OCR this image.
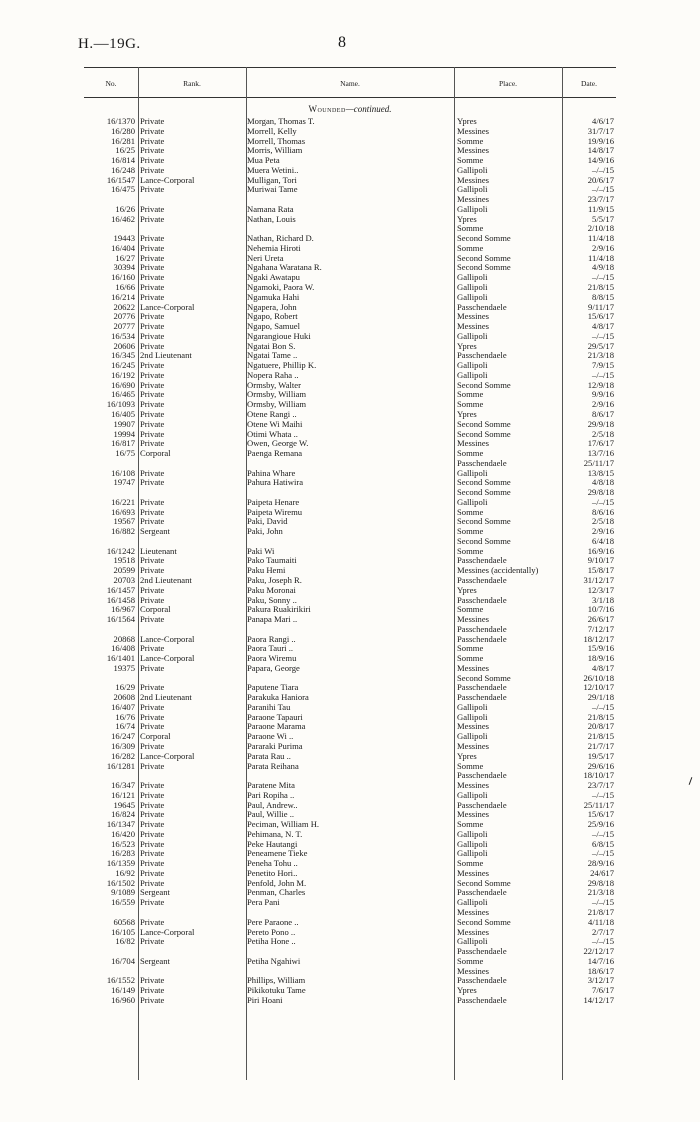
H.—19G.	8
No.	Rank.	Name.	Place.	Date.
Wounded—continued.
16/1370 Private	Morgan, Thomas T.	Ypres	4/6/17
16/280 Private	Morrell, Kelly	Messines	31/7/17
16/281 Private	Morrell, Thomas	Somme	19/9/16
16/25 Private	Morris, William	Messines	14/8/17
16/814 Private	Mua Peta	Somme	14/9/16
16/248 Private	Muera Wetini..	Gallipoli	–/–/15
16/1547 Lance-Corporal	Mulligan, Tori	Messines	20/6/17
16/475 Private	Muriwai Tame	Gallipoli	–/–/15
Messines	23/7/17
16/26 Private	Namana Rata	Gallipoli	11/9/15
16/462 Private	Nathan, Louis	Ypres	5/5/17
Somme	2/10/18
19443 Private	Nathan, Richard D.	Second Somme	11/4/18
16/404 Private	Nehemia Hiroti	Somme	2/9/16
16/27 Private	Neri Ureta	Second Somme	11/4/18
30394 Private	Ngahana Waratana R.	Second Somme	4/9/18
16/160 Private	Ngaki Awatapu	Gallipoli	–/–/15
16/66 Private	Ngamoki, Paora W.	Gallipoli	21/8/15
16/214 Private	Ngamuka Hahi	Gallipoli	8/8/15
20622 Lance-Corporal	Ngapera, John	Passchendaele	9/11/17
20776 Private	Ngapo, Robert	Messines	15/6/17
20777 Private	Ngapo, Samuel	Messines	4/8/17
16/534 Private	Ngarangioue Huki	Gallipoli	–/–/15
20606 Private	Ngatai Bon S.	Ypres	29/5/17
16/345 2nd Lieutenant	Ngatai Tame ..	Passchendaele	21/3/18
16/245 Private	Ngatuere, Phillip K.	Gallipoli	7/9/15
16/192 Private	Nopera Raha ..	Gallipoli	–/–/15
16/690 Private	Ormsby, Walter	Second Somme	12/9/18
16/465 Private	Ormsby, William	Somme	9/9/16
16/1093 Private	Ormsby, William	Somme	2/9/16
16/405 Private	Otene Rangi ..	Ypres	8/6/17
19907 Private	Otene Wi Maihi	Second Somme	29/9/18
19994 Private	Otimi Whata ..	Second Somme	2/5/18
16/817 Private	Owen, George W.	Messines	17/6/17
16/75 Corporal	Paenga Remana	Somme	13/7/16
Passchendaele	25/11/17
16/108 Private	Pahina Whare	Gallipoli	13/8/15
19747 Private	Pahura Hatiwira	Second Somme	4/8/18
Second Somme	29/8/18
16/221 Private	Paipeta Henare	Gallipoli	–/–/15
16/693 Private	Paipeta Wiremu	Somme	8/6/16
19567 Private	Paki, David	Second Somme	2/5/18
16/882 Sergeant	Paki, John	Somme	2/9/16
Second Somme	6/4/18
16/1242 Lieutenant	Paki Wi	Somme	16/9/16
19518 Private	Pako Taumaiti	Passchendaele	9/10/17
20599 Private	Paku Hemi	Messines (accidentally)	15/8/17
20703 2nd Lieutenant	Paku, Joseph R.	Passchendaele	31/12/17
16/1457 Private	Paku Moronai	Ypres	12/3/17
16/1458 Private	Paku, Sonny ..	Passchendaele	3/1/18
16/967 Corporal	Pakura Ruakirikiri	Somme	10/7/16
16/1564 Private	Panapa Mari ..	Messines	26/6/17
Passchendaele	7/12/17
20868 Lance-Corporal	Paora Rangi ..	Passchendaele	18/12/17
16/408 Private	Paora Tauri ..	Somme	15/9/16
16/1401 Lance-Corporal	Paora Wiremu	Somme	18/9/16
19375 Private	Papara, George	Messines	4/8/17
Second Somme	26/10/18
16/29 Private	Paputene Tiara	Passchendaele	12/10/17
20608 2nd Lieutenant	Parakuka Haniora	Passchendaele	29/1/18
16/407 Private	Paranihi Tau	Gallipoli	–/–/15
16/76 Private	Paraone Tapauri	Gallipoli	21/8/15
16/74 Private	Paraone Marama	Messines	20/8/17
16/247 Corporal	Paraone Wi ..	Gallipoli	21/8/15
16/309 Private	Pararaki Purima	Messines	21/7/17
16/282 Lance-Corporal	Parata Rau ..	Ypres	19/5/17
16/1281 Private	Parata Reihana	Somme	29/6/16
Passchendaele	18/10/17
16/347 Private	Paratene Mita	Messines	23/7/17
16/121 Private	Pari Ropiha ..	Gallipoli	–/–/15
19645 Private	Paul, Andrew..	Passchendaele	25/11/17
16/824 Private	Paul, Willie ..	Messines	15/6/17
16/1347 Private	Peciman, William H.	Somme	25/9/16
16/420 Private	Pehimana, N. T.	Gallipoli	–/–/15
16/523 Private	Peke Hautangi	Gallipoli	6/8/15
16/283 Private	Peneamene Tieke	Gallipoli	–/–/15
16/1359 Private	Peneha Tohu ..	Somme	28/9/16
16/92 Private	Penetito Hori..	Messines	24/617
16/1502 Private	Penfold, John M.	Second Somme	29/8/18
9/1089 Sergeant	Penman, Charles	Passchendaele	21/3/18
16/559 Private	Pera Pani	Gallipoli	–/–/15
Messines	21/8/17
60568 Private	Pere Paraone ..	Second Somme	4/11/18
16/105 Lance-Corporal	Pereto Pono ..	Messines	2/7/17
16/82 Private	Petiha Hone ..	Gallipoli	–/–/15
Passchendaele	22/12/17
16/704 Sergeant	Petiha Ngahiwi	Somme	14/7/16
Messines	18/6/17
16/1552 Private	Phillips, William	Passchendaele	3/12/17
16/149 Private	Pikikotuku Tame	Ypres	7/6/17
16/960 Private	Piri Hoani	Passchendaele	14/12/17
